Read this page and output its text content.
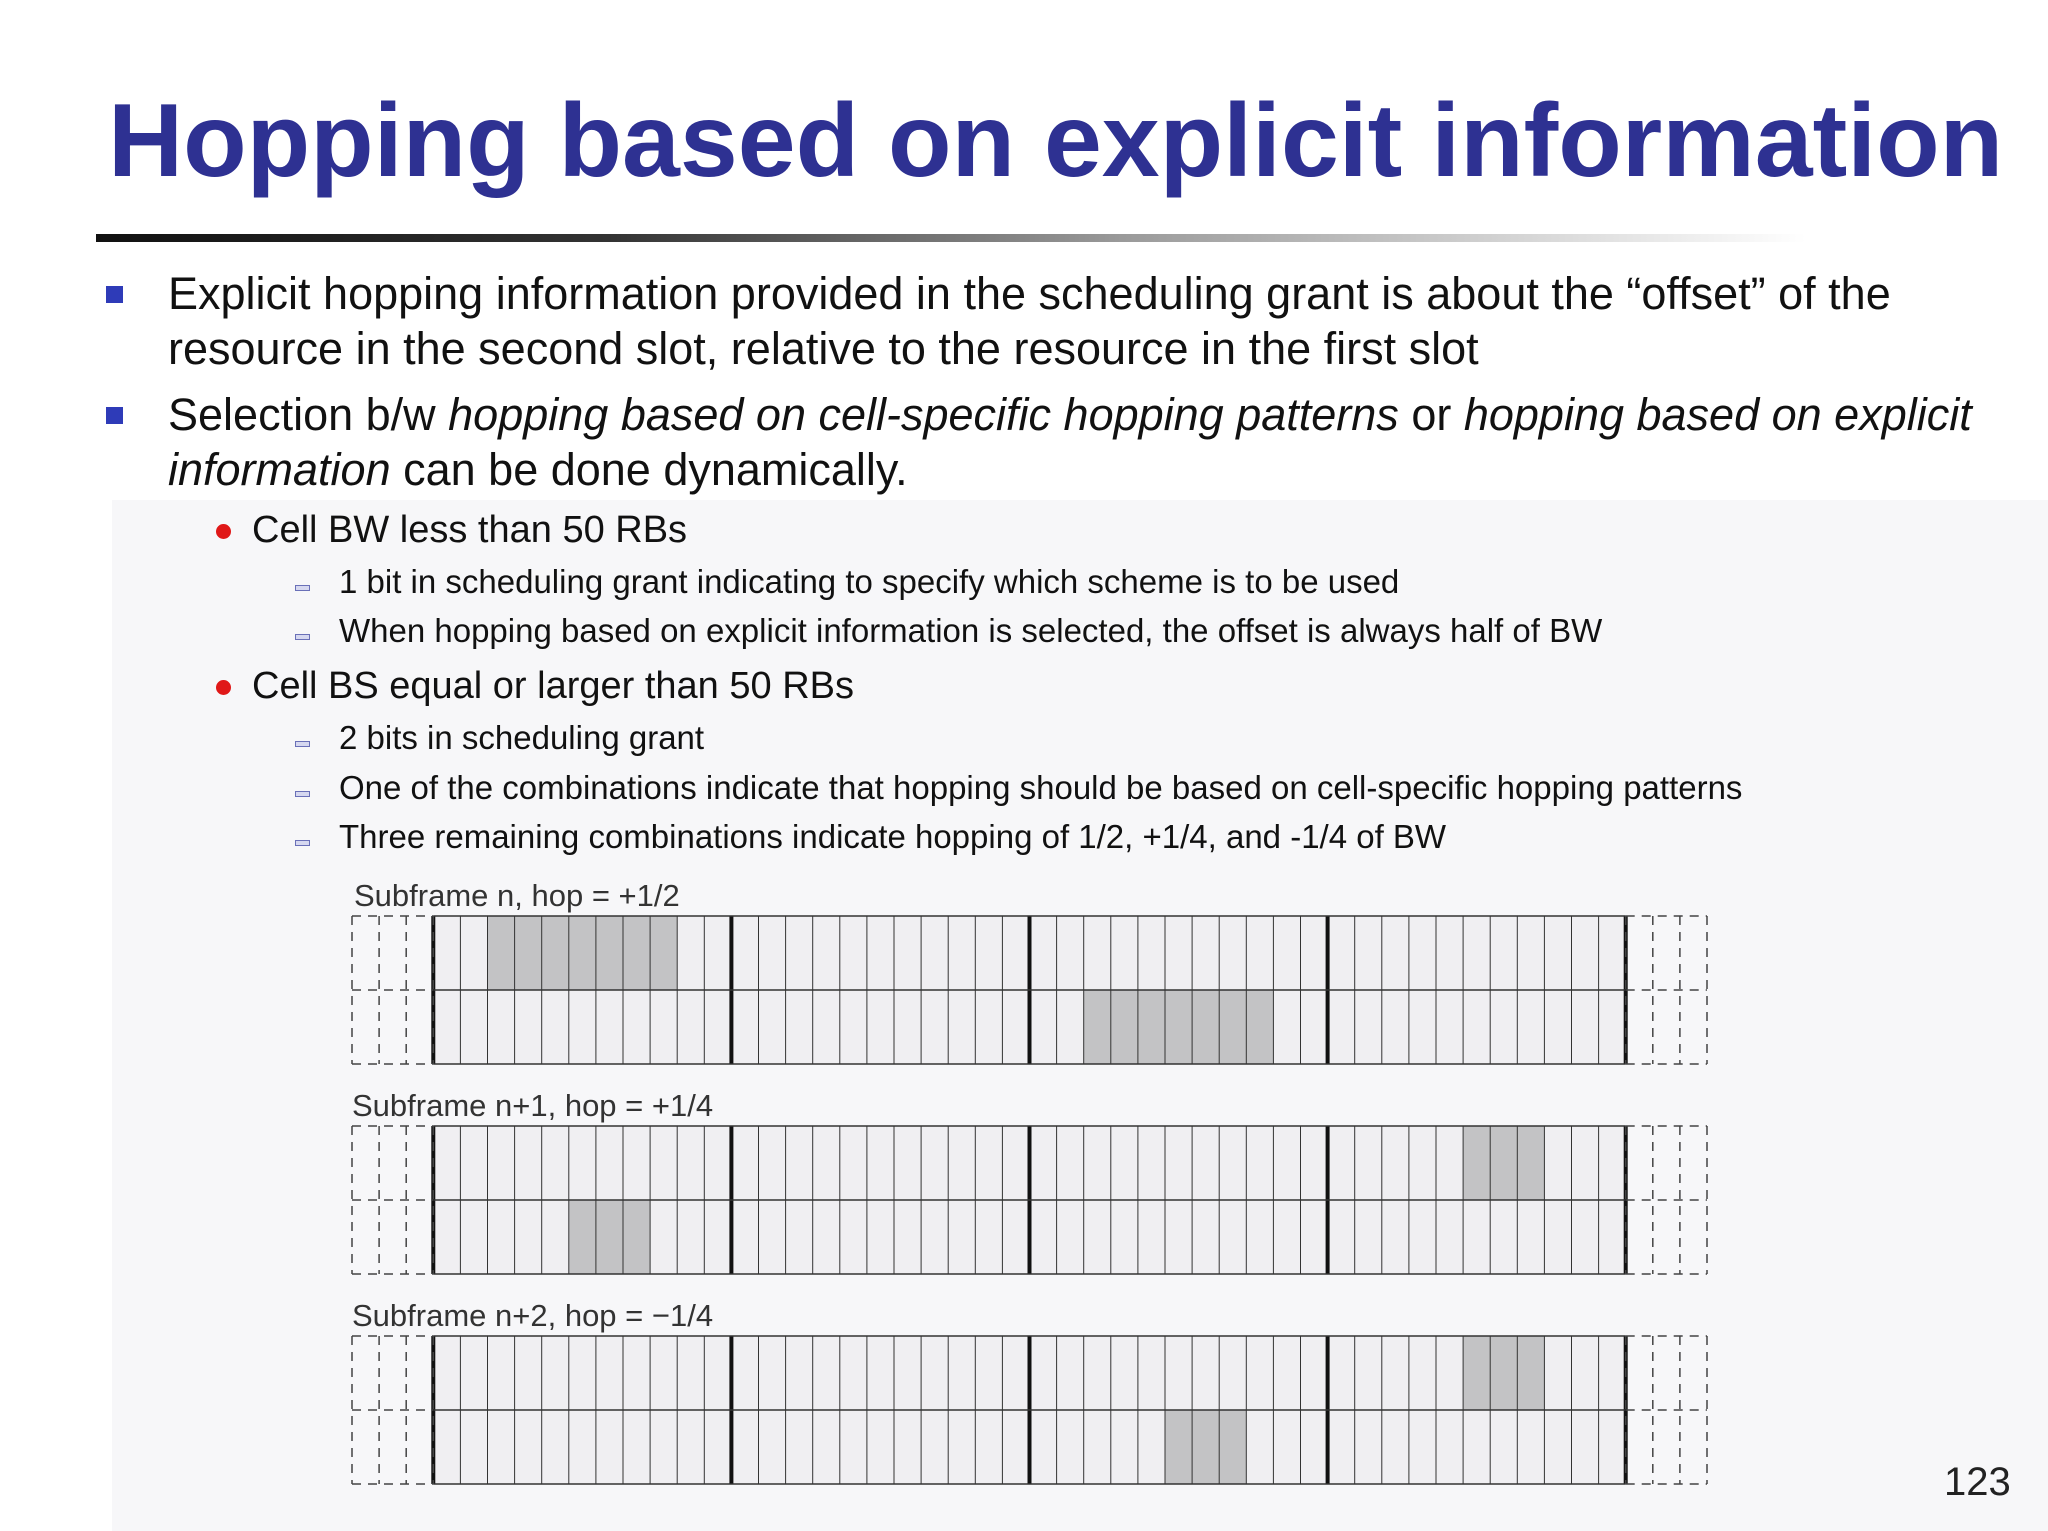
Hopping based on explicit information
Explicit hopping information provided in the scheduling grant is about the “offset” of the resource in the second slot, relative to the resource in the first slot
Selection b/w hopping based on cell-specific hopping patterns or hopping based on explicit information can be done dynamically.
Cell BW less than 50 RBs
1 bit in scheduling grant indicating to specify which scheme is to be used
When hopping based on explicit information is selected, the offset is always half of BW
Cell BS equal or larger than 50 RBs
2 bits in scheduling grant
One of the combinations indicate that hopping should be based on cell-specific hopping patterns
Three remaining combinations indicate hopping of 1/2, +1/4, and -1/4 of BW
Subframe n, hop = +1/2
Subframe n+1, hop = +1/4
Subframe n+2, hop = −1/4
123
